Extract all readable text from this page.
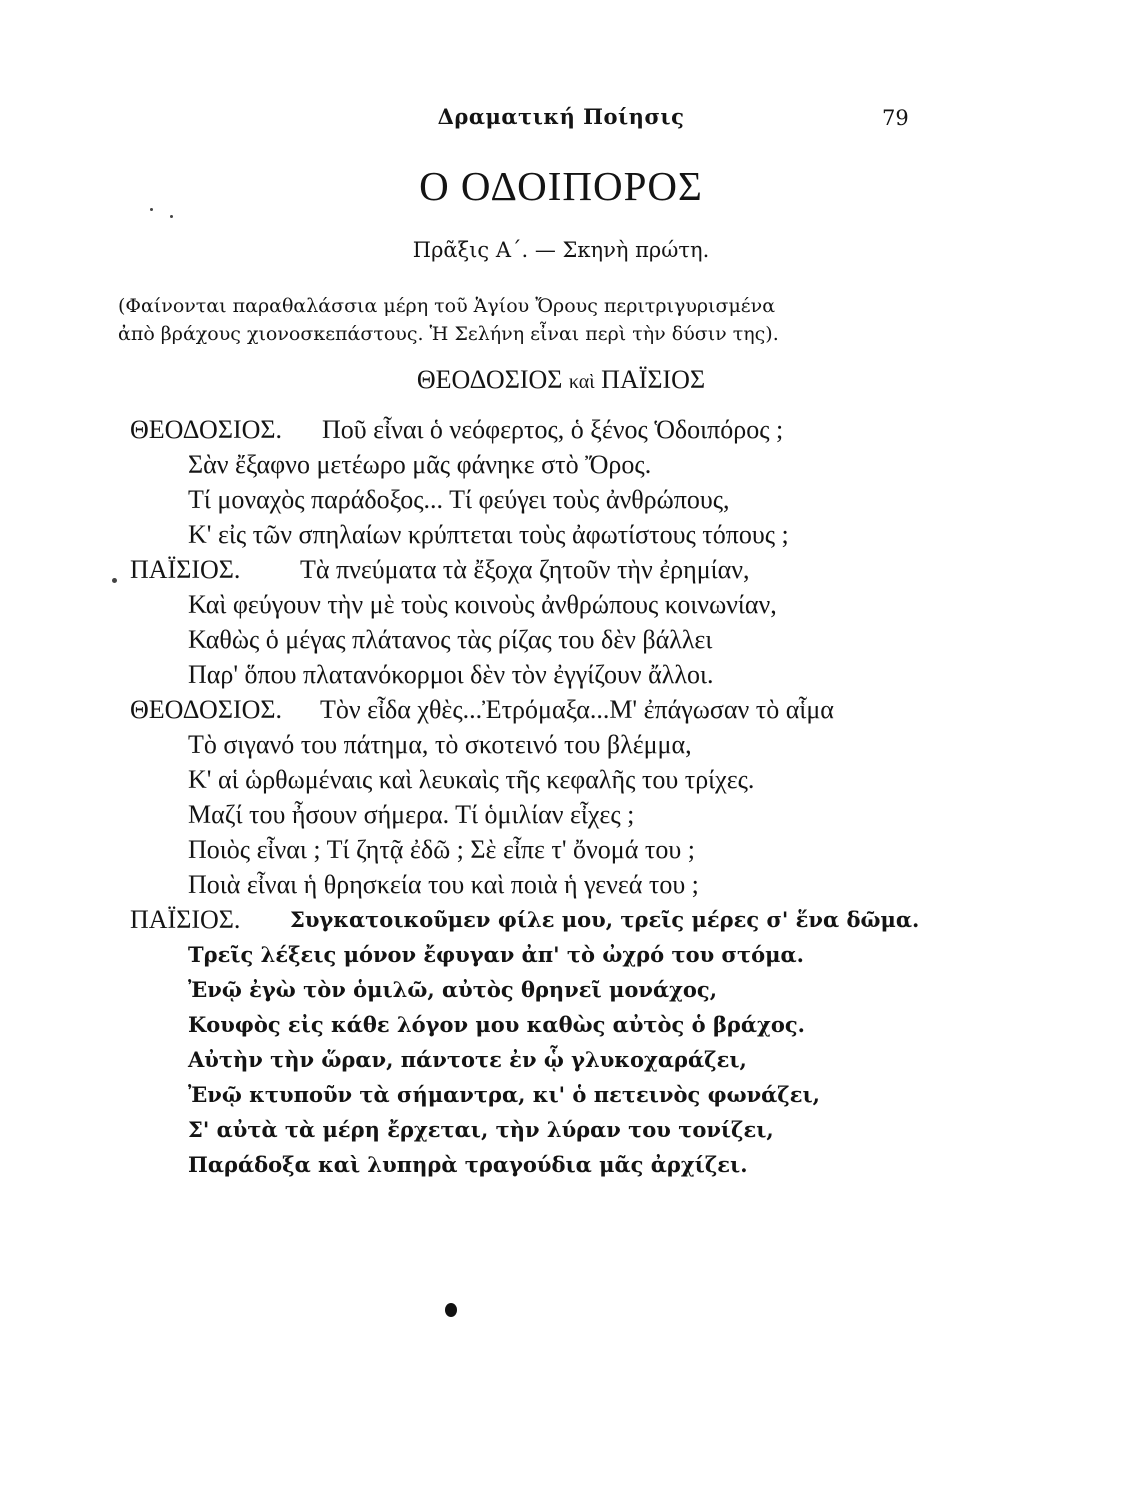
Δραματική Ποίησις	79
Ο ΟΔΟΙΠΟΡΟΣ
Πρᾶξις Α΄. — Σκηνὴ πρώτη.
(Φαίνονται παραθαλάσσια μέρη τοῦ Ἁγίου Ὄρους περιτριγυρισμένα
ἀπὸ βράχους χιονοσκεπάστους. Ἡ Σελήνη εἶναι περὶ τὴν δύσιν της).
ΘΕΟΔΟΣΙΟΣ καὶ ΠΑΪΣΙΟΣ
ΘΕΟΔΟΣΙΟΣ. Ποῦ εἶναι ὁ νεόφερτος, ὁ ξένος Ὁδοιπόρος ;
Σὰν ἔξαφνο μετέωρο μᾶς φάνηκε στὸ Ὄρος.
Τί μοναχὸς παράδοξος... Τί φεύγει τοὺς ἀνθρώπους,
Κ' εἰς τῶν σπηλαίων κρύπτεται τοὺς ἀφωτίστους τόπους ;
ΠΑΪΣΙΟΣ. Τὰ πνεύματα τὰ ἔξοχα ζητοῦν τὴν ἐρημίαν,
Καὶ φεύγουν τὴν μὲ τοὺς κοινοὺς ἀνθρώπους κοινωνίαν,
Καθὼς ὁ μέγας πλάτανος τὰς ρίζας του δὲν βάλλει
Παρ' ὅπου πλατανόκορμοι δὲν τὸν ἐγγίζουν ἄλλοι.
ΘΕΟΔΟΣΙΟΣ. Τὸν εἶδα χθὲς...Ἐτρόμαξα...Μ' ἐπάγωσαν τὸ αἷμα
Τὸ σιγανό του πάτημα, τὸ σκοτεινό του βλέμμα,
Κ' αἱ ὡρθωμέναις καὶ λευκαὶς τῆς κεφαλῆς του τρίχες.
Μαζί του ἦσουν σήμερα. Τί ὁμιλίαν εἶχες ;
Ποιὸς εἶναι ; Τί ζητᾷ ἐδῶ ; Σὲ εἶπε τ' ὄνομά του ;
Ποιὰ εἶναι ἡ θρησκεία του καὶ ποιὰ ἡ γενεά του ;
ΠΑΪΣΙΟΣ. Συγκατοικοῦμεν φίλε μου, τρεῖς μέρες σ' ἕνα δῶμα.
Τρεῖς λέξεις μόνον ἔφυγαν ἀπ' τὸ ὠχρό του στόμα.
Ἐνῷ ἐγὼ τὸν ὁμιλῶ, αὐτὸς θρηνεῖ μονάχος,
Κουφὸς εἰς κάθε λόγον μου καθὼς αὐτὸς ὁ βράχος.
Αὐτὴν τὴν ὥραν, πάντοτε ἐν ᾧ γλυκοχαράζει,
Ἐνῷ κτυποῦν τὰ σήμαντρα, κι' ὁ πετεινὸς φωνάζει,
Σ' αὐτὰ τὰ μέρη ἔρχεται, τὴν λύραν του τονίζει,
Παράδοξα καὶ λυπηρὰ τραγούδια μᾶς ἀρχίζει.
